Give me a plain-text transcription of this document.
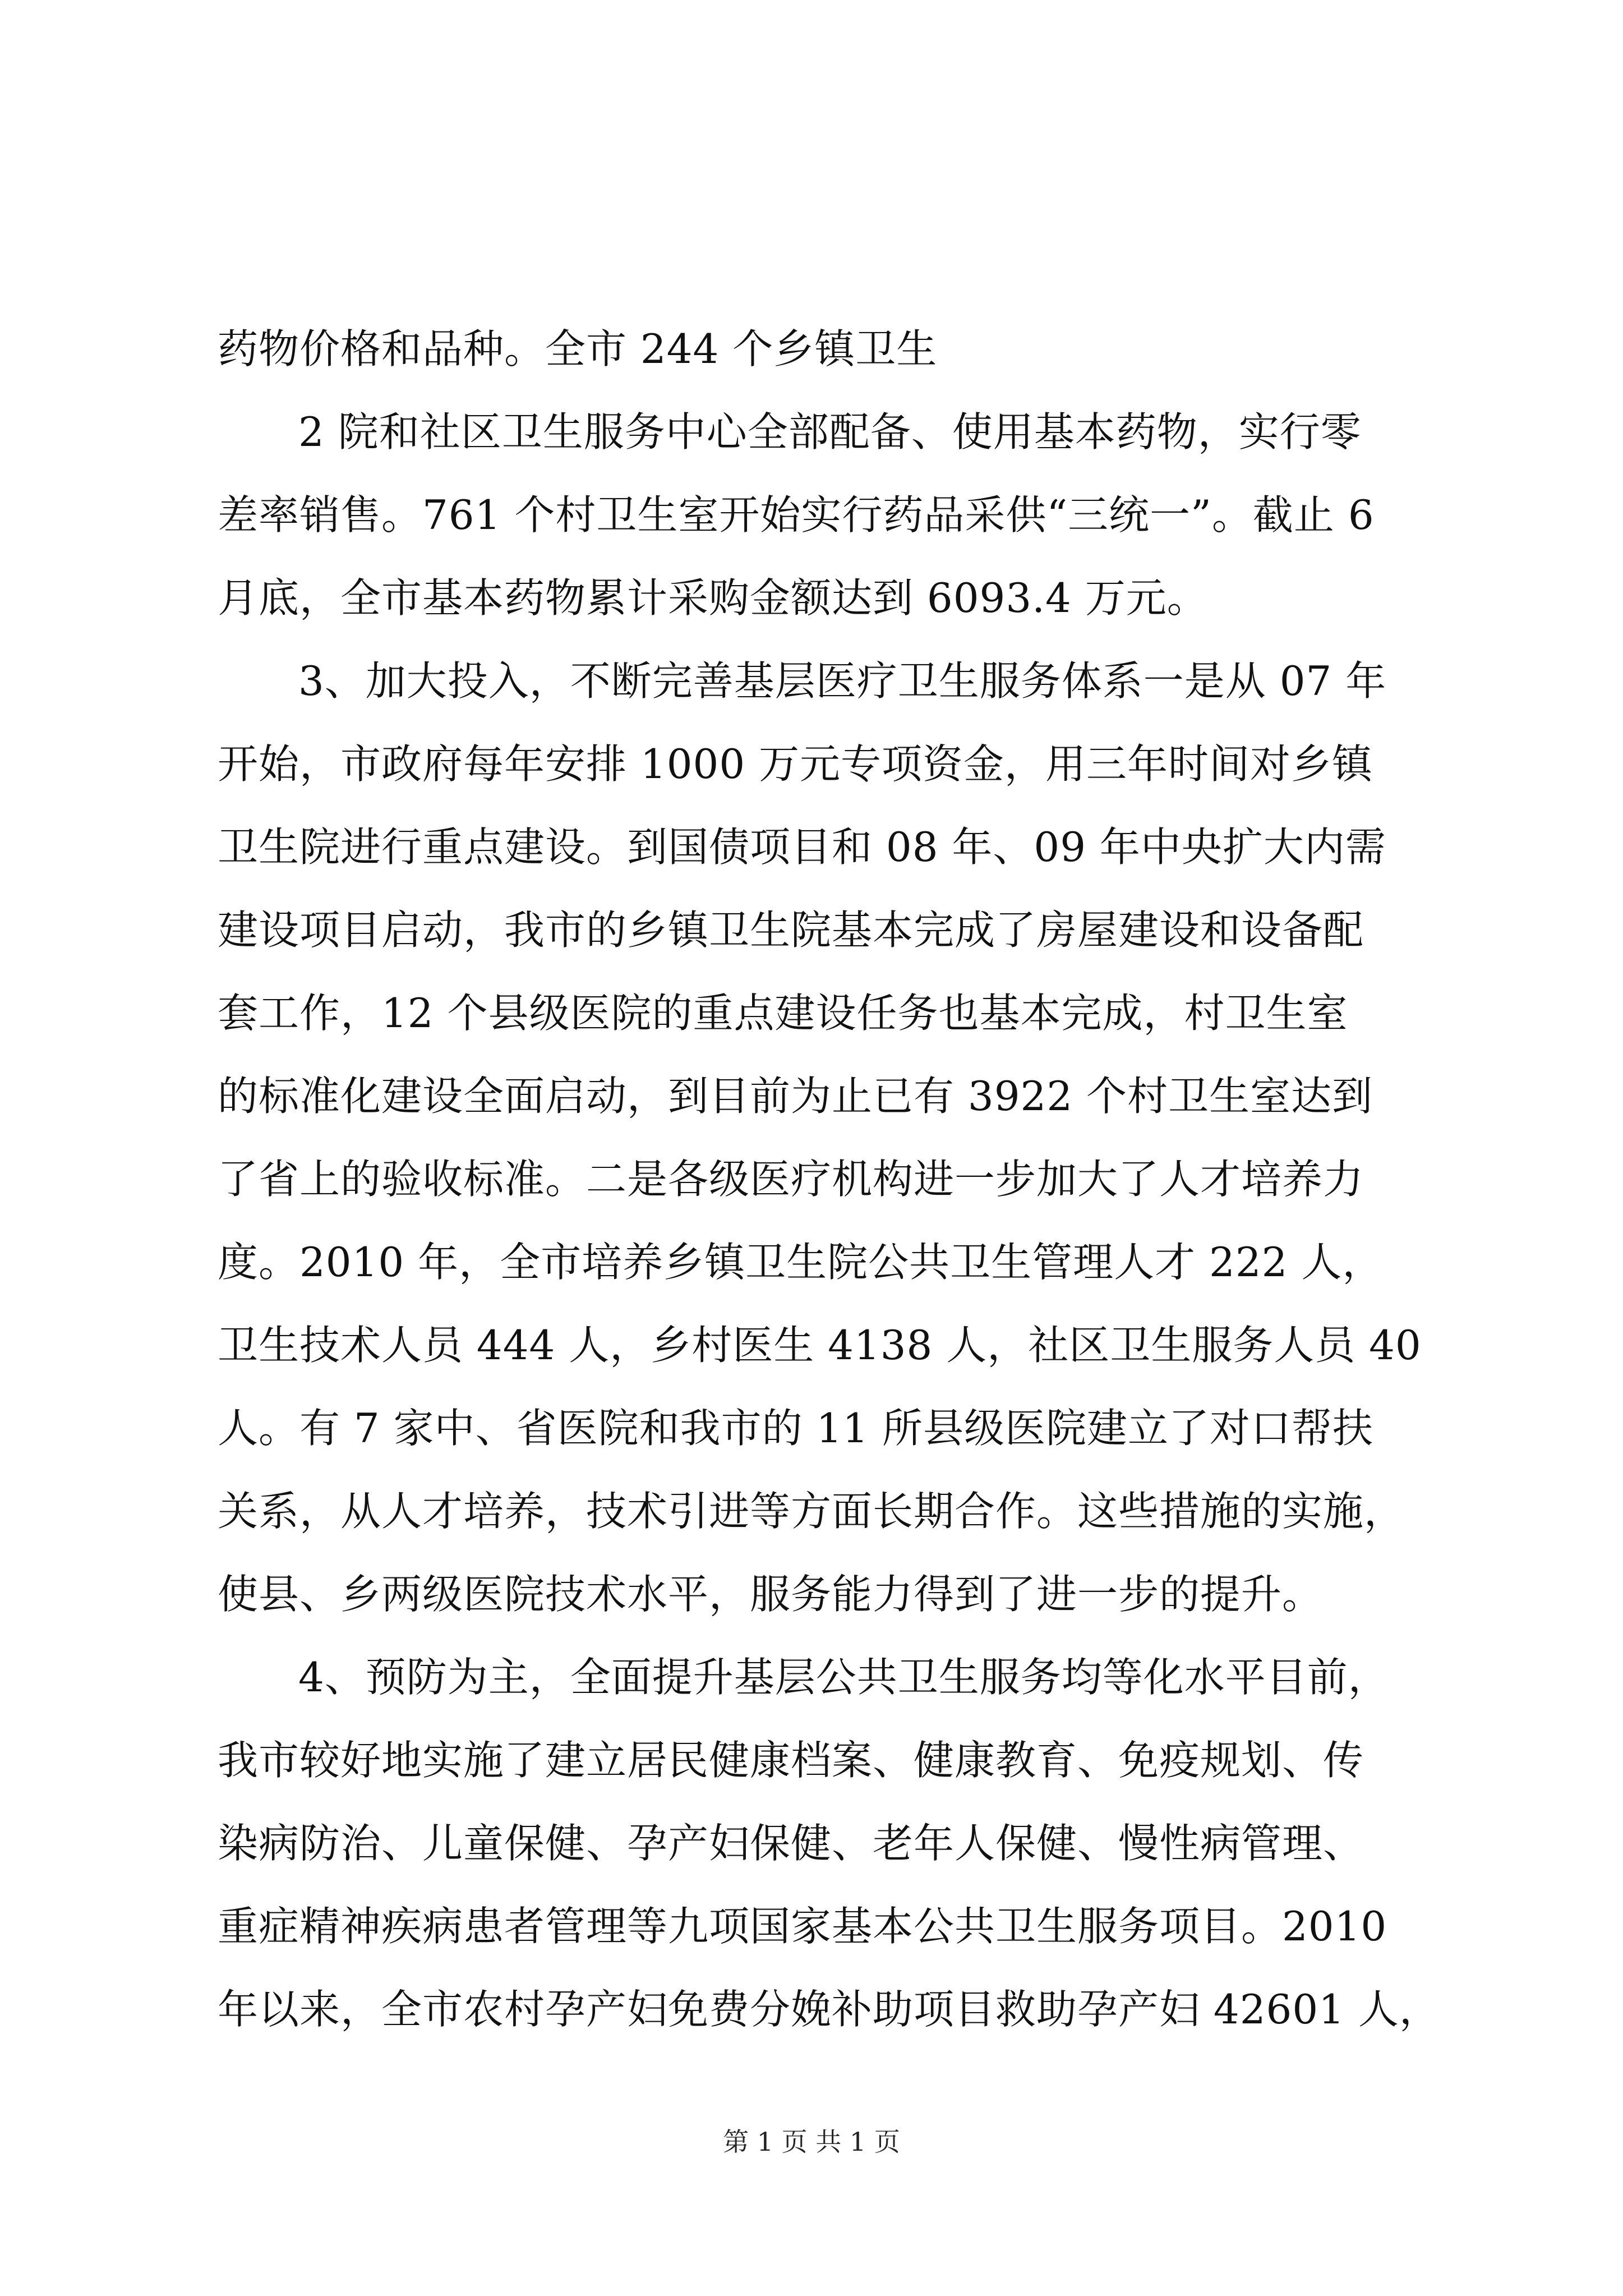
药物价格和品种。全市 244 个乡镇卫生
2 院和社区卫生服务中心全部配备、使用基本药物，实行零
差率销售。761 个村卫生室开始实行药品采供“三统一”。截止 6
月底，全市基本药物累计采购金额达到 6093.4 万元。
3、加大投入，不断完善基层医疗卫生服务体系一是从 07 年
开始，市政府每年安排 1000 万元专项资金，用三年时间对乡镇
卫生院进行重点建设。到国债项目和 08 年、09 年中央扩大内需
建设项目启动，我市的乡镇卫生院基本完成了房屋建设和设备配
套工作，12 个县级医院的重点建设任务也基本完成，村卫生室
的标准化建设全面启动，到目前为止已有 3922 个村卫生室达到
了省上的验收标准。二是各级医疗机构进一步加大了人才培养力
度。2010 年，全市培养乡镇卫生院公共卫生管理人才 222 人，
卫生技术人员 444 人，乡村医生 4138 人，社区卫生服务人员 40
人。有 7 家中、省医院和我市的 11 所县级医院建立了对口帮扶
关系，从人才培养，技术引进等方面长期合作。这些措施的实施，
使县、乡两级医院技术水平，服务能力得到了进一步的提升。
4、预防为主，全面提升基层公共卫生服务均等化水平目前，
我市较好地实施了建立居民健康档案、健康教育、免疫规划、传
染病防治、儿童保健、孕产妇保健、老年人保健、慢性病管理、
重症精神疾病患者管理等九项国家基本公共卫生服务项目。2010
年以来，全市农村孕产妇免费分娩补助项目救助孕产妇 42601 人，
第 1 页 共 1 页
